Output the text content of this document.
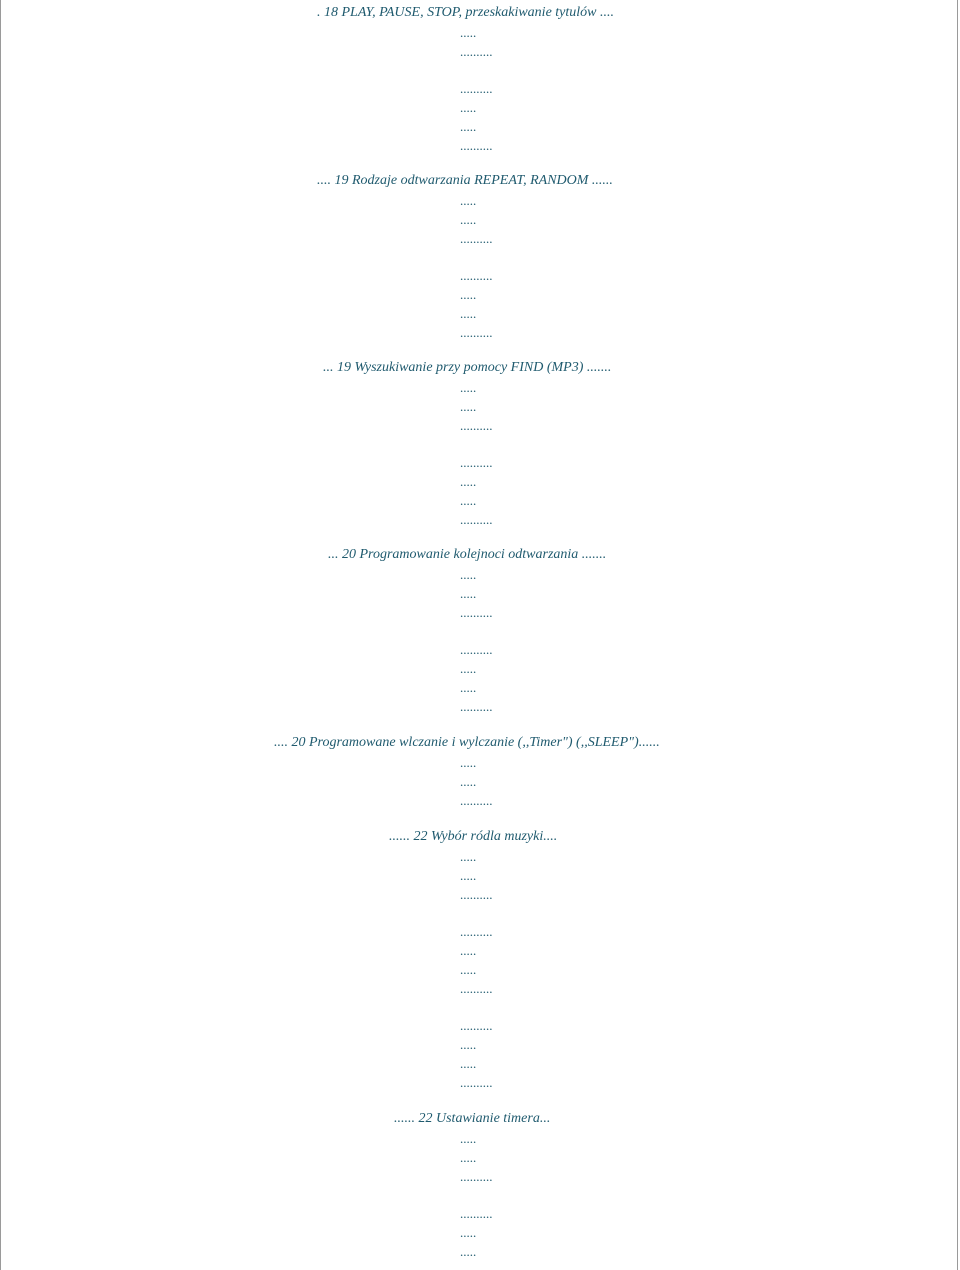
. 18 PLAY, PAUSE, STOP, przeskakiwanie tytulów ....
.....
..........
..........
.....
.....
..........
.... 19 Rodzaje odtwarzania REPEAT, RANDOM ......
.....
.....
..........
..........
.....
.....
..........
... 19 Wyszukiwanie przy pomocy FIND (MP3) .......
.....
.....
..........
..........
.....
.....
..........
... 20 Programowanie kolejnoci odtwarzania .......
.....
.....
..........
..........
.....
.....
..........
.... 20 Programowane wlczanie i wylczanie (,,Timer") (,,SLEEP")......
.....
.....
..........
...... 22 Wybór ródla muzyki....
.....
.....
..........
..........
.....
.....
..........
..........
.....
.....
..........
...... 22 Ustawianie timera...
.....
.....
..........
..........
.....
.....
